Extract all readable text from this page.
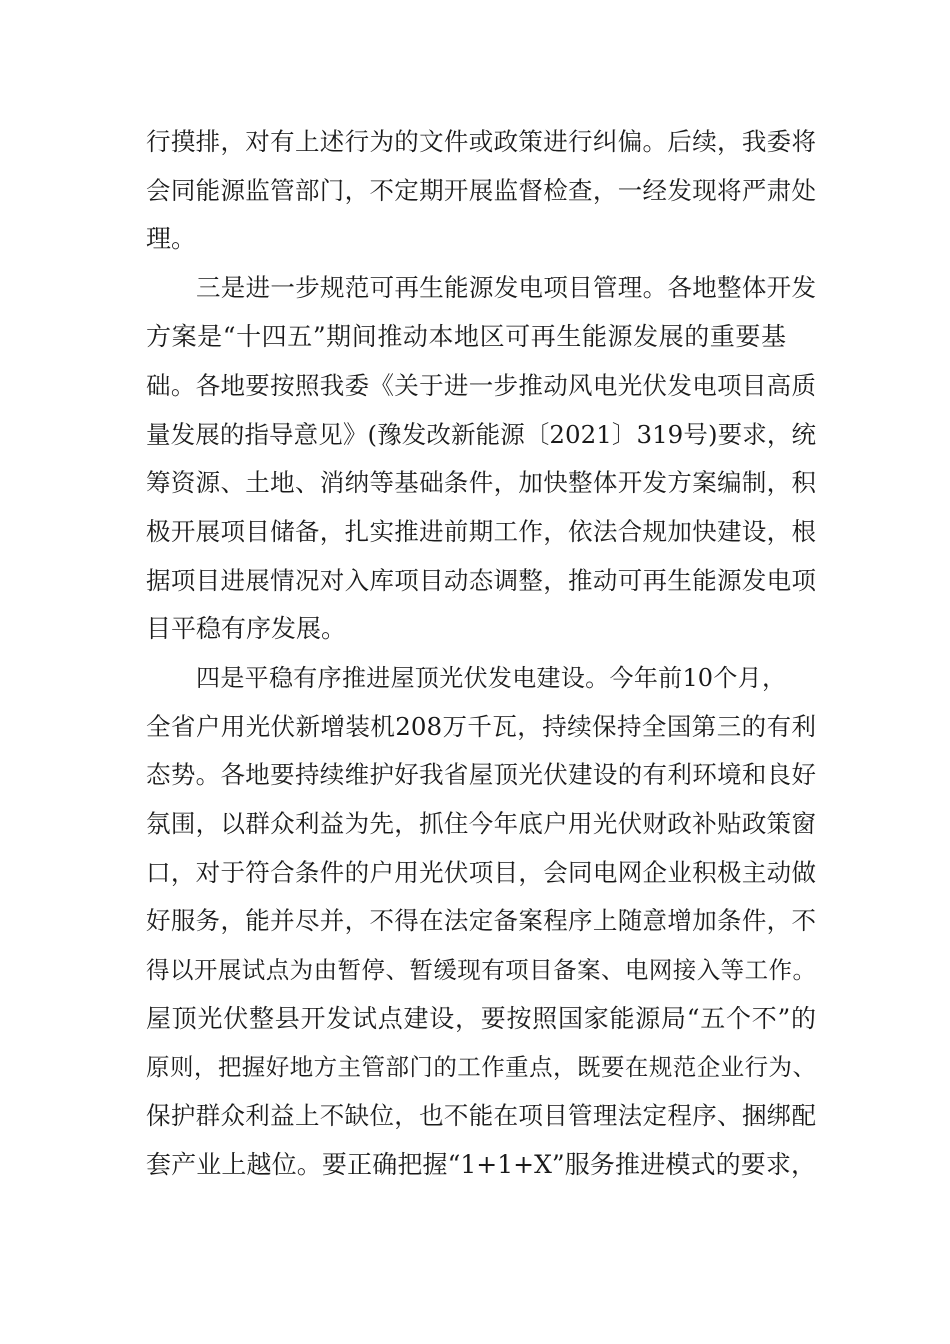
行摸排，对有上述行为的文件或政策进行纠偏。后续，我委将
会同能源监管部门，不定期开展监督检查，一经发现将严肃处
理。
三是进一步规范可再生能源发电项目管理。各地整体开发
方案是“十四五”期间推动本地区可再生能源发展的重要基
础。各地要按照我委《关于进一步推动风电光伏发电项目高质
量发展的指导意见》(豫发改新能源〔2021〕319号)要求，统
筹资源、土地、消纳等基础条件，加快整体开发方案编制，积
极开展项目储备，扎实推进前期工作，依法合规加快建设，根
据项目进展情况对入库项目动态调整，推动可再生能源发电项
目平稳有序发展。
四是平稳有序推进屋顶光伏发电建设。今年前10个月，
全省户用光伏新增装机208万千瓦，持续保持全国第三的有利
态势。各地要持续维护好我省屋顶光伏建设的有利环境和良好
氛围，以群众利益为先，抓住今年底户用光伏财政补贴政策窗
口，对于符合条件的户用光伏项目，会同电网企业积极主动做
好服务，能并尽并，不得在法定备案程序上随意增加条件，不
得以开展试点为由暂停、暂缓现有项目备案、电网接入等工作。
屋顶光伏整县开发试点建设，要按照国家能源局“五个不”的
原则，把握好地方主管部门的工作重点，既要在规范企业行为、
保护群众利益上不缺位，也不能在项目管理法定程序、捆绑配
套产业上越位。要正确把握“1+1+X”服务推进模式的要求，
